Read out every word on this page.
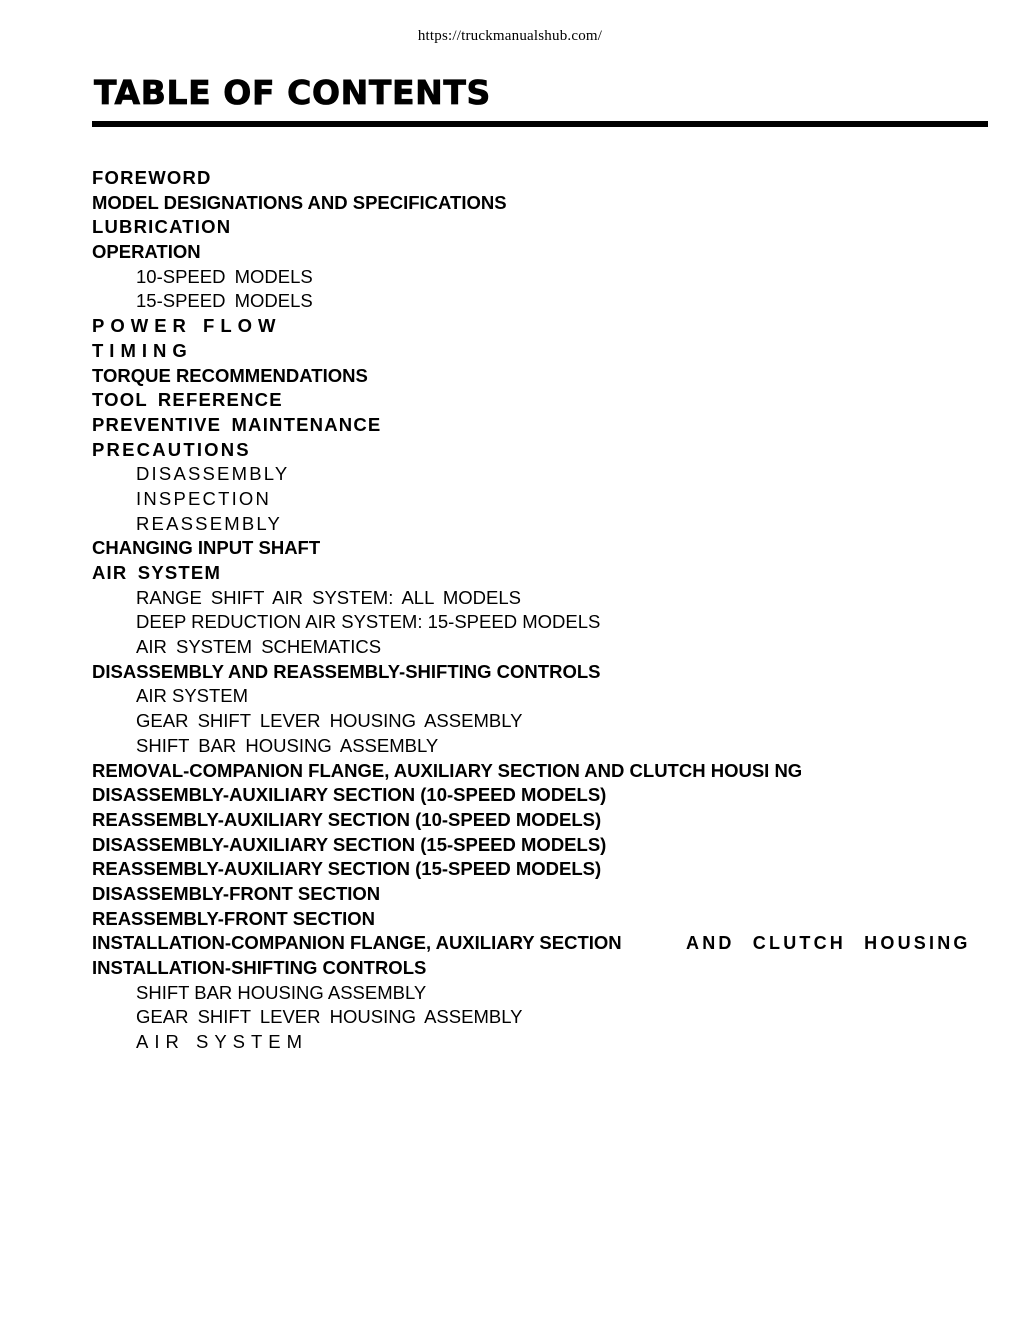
https://truckmanualshub.com/
TABLE OF CONTENTS
FOREWORD
MODEL DESIGNATIONS AND SPECIFICATIONS
LUBRICATION
OPERATION
10-SPEED MODELS
15-SPEED MODELS
POWER FLOW
TIMING
TORQUE RECOMMENDATIONS
TOOL REFERENCE
PREVENTIVE MAINTENANCE
PRECAUTIONS
DISASSEMBLY
INSPECTION
REASSEMBLY
CHANGING INPUT SHAFT
AIR SYSTEM
RANGE SHIFT AIR SYSTEM: ALL MODELS
DEEP REDUCTION AIR SYSTEM: 15-SPEED MODELS
AIR SYSTEM SCHEMATICS
DISASSEMBLY AND REASSEMBLY-SHIFTING CONTROLS
AIR SYSTEM
GEAR SHIFT LEVER HOUSING ASSEMBLY
SHIFT BAR HOUSING ASSEMBLY
REMOVAL-COMPANION FLANGE, AUXILIARY SECTION AND CLUTCH HOUSI NG
DISASSEMBLY-AUXILIARY SECTION (10-SPEED MODELS)
REASSEMBLY-AUXILIARY SECTION (10-SPEED MODELS)
DISASSEMBLY-AUXILIARY SECTION (15-SPEED MODELS)
REASSEMBLY-AUXILIARY SECTION (15-SPEED MODELS)
DISASSEMBLY-FRONT SECTION
REASSEMBLY-FRONT SECTION
INSTALLATION-COMPANION FLANGE, AUXILIARY SECTION	AND CLUTCH HOUSING
INSTALLATION-SHIFTING CONTROLS
SHIFT BAR HOUSING ASSEMBLY
GEAR SHIFT LEVER HOUSING ASSEMBLY
AIR SYSTEM
